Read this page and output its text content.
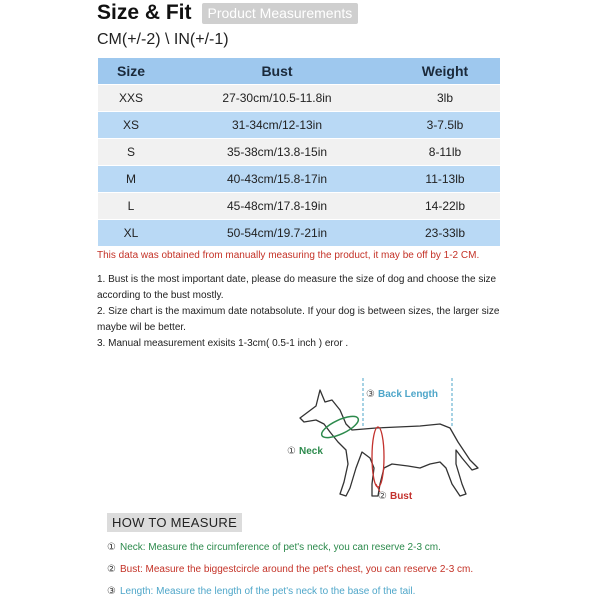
Size & Fit	Product Measurements
CM(+/-2) \ IN(+/-1)
Size	Bust	Weight
XXS	27-30cm/10.5-11.8in	3lb
XS	31-34cm/12-13in	3-7.5lb
S	35-38cm/13.8-15in	8-11lb
M	40-43cm/15.8-17in	11-13lb
L	45-48cm/17.8-19in	14-22lb
XL	50-54cm/19.7-21in	23-33lb
This data was obtained from manually measuring the product, it may be off by 1-2 CM.
1. Bust is the most important date, please do measure the size of dog and choose the size according to the bust mostly.
2. Size chart is the maximum date notabsolute. If your dog is between sizes, the larger size maybe wil be better.
3. Manual measurement exisits 1-3cm( 0.5-1 inch ) eror .
③ Back Length
① Neck
② Bust
HOW TO MEASURE
① Neck: Measure the circumference of pet's neck, you can reserve 2-3 cm.
② Bust: Measure the biggestcircle around the pet's chest, you can reserve 2-3 cm.
③ Length: Measure the length of the pet's neck to the base of the tail.
